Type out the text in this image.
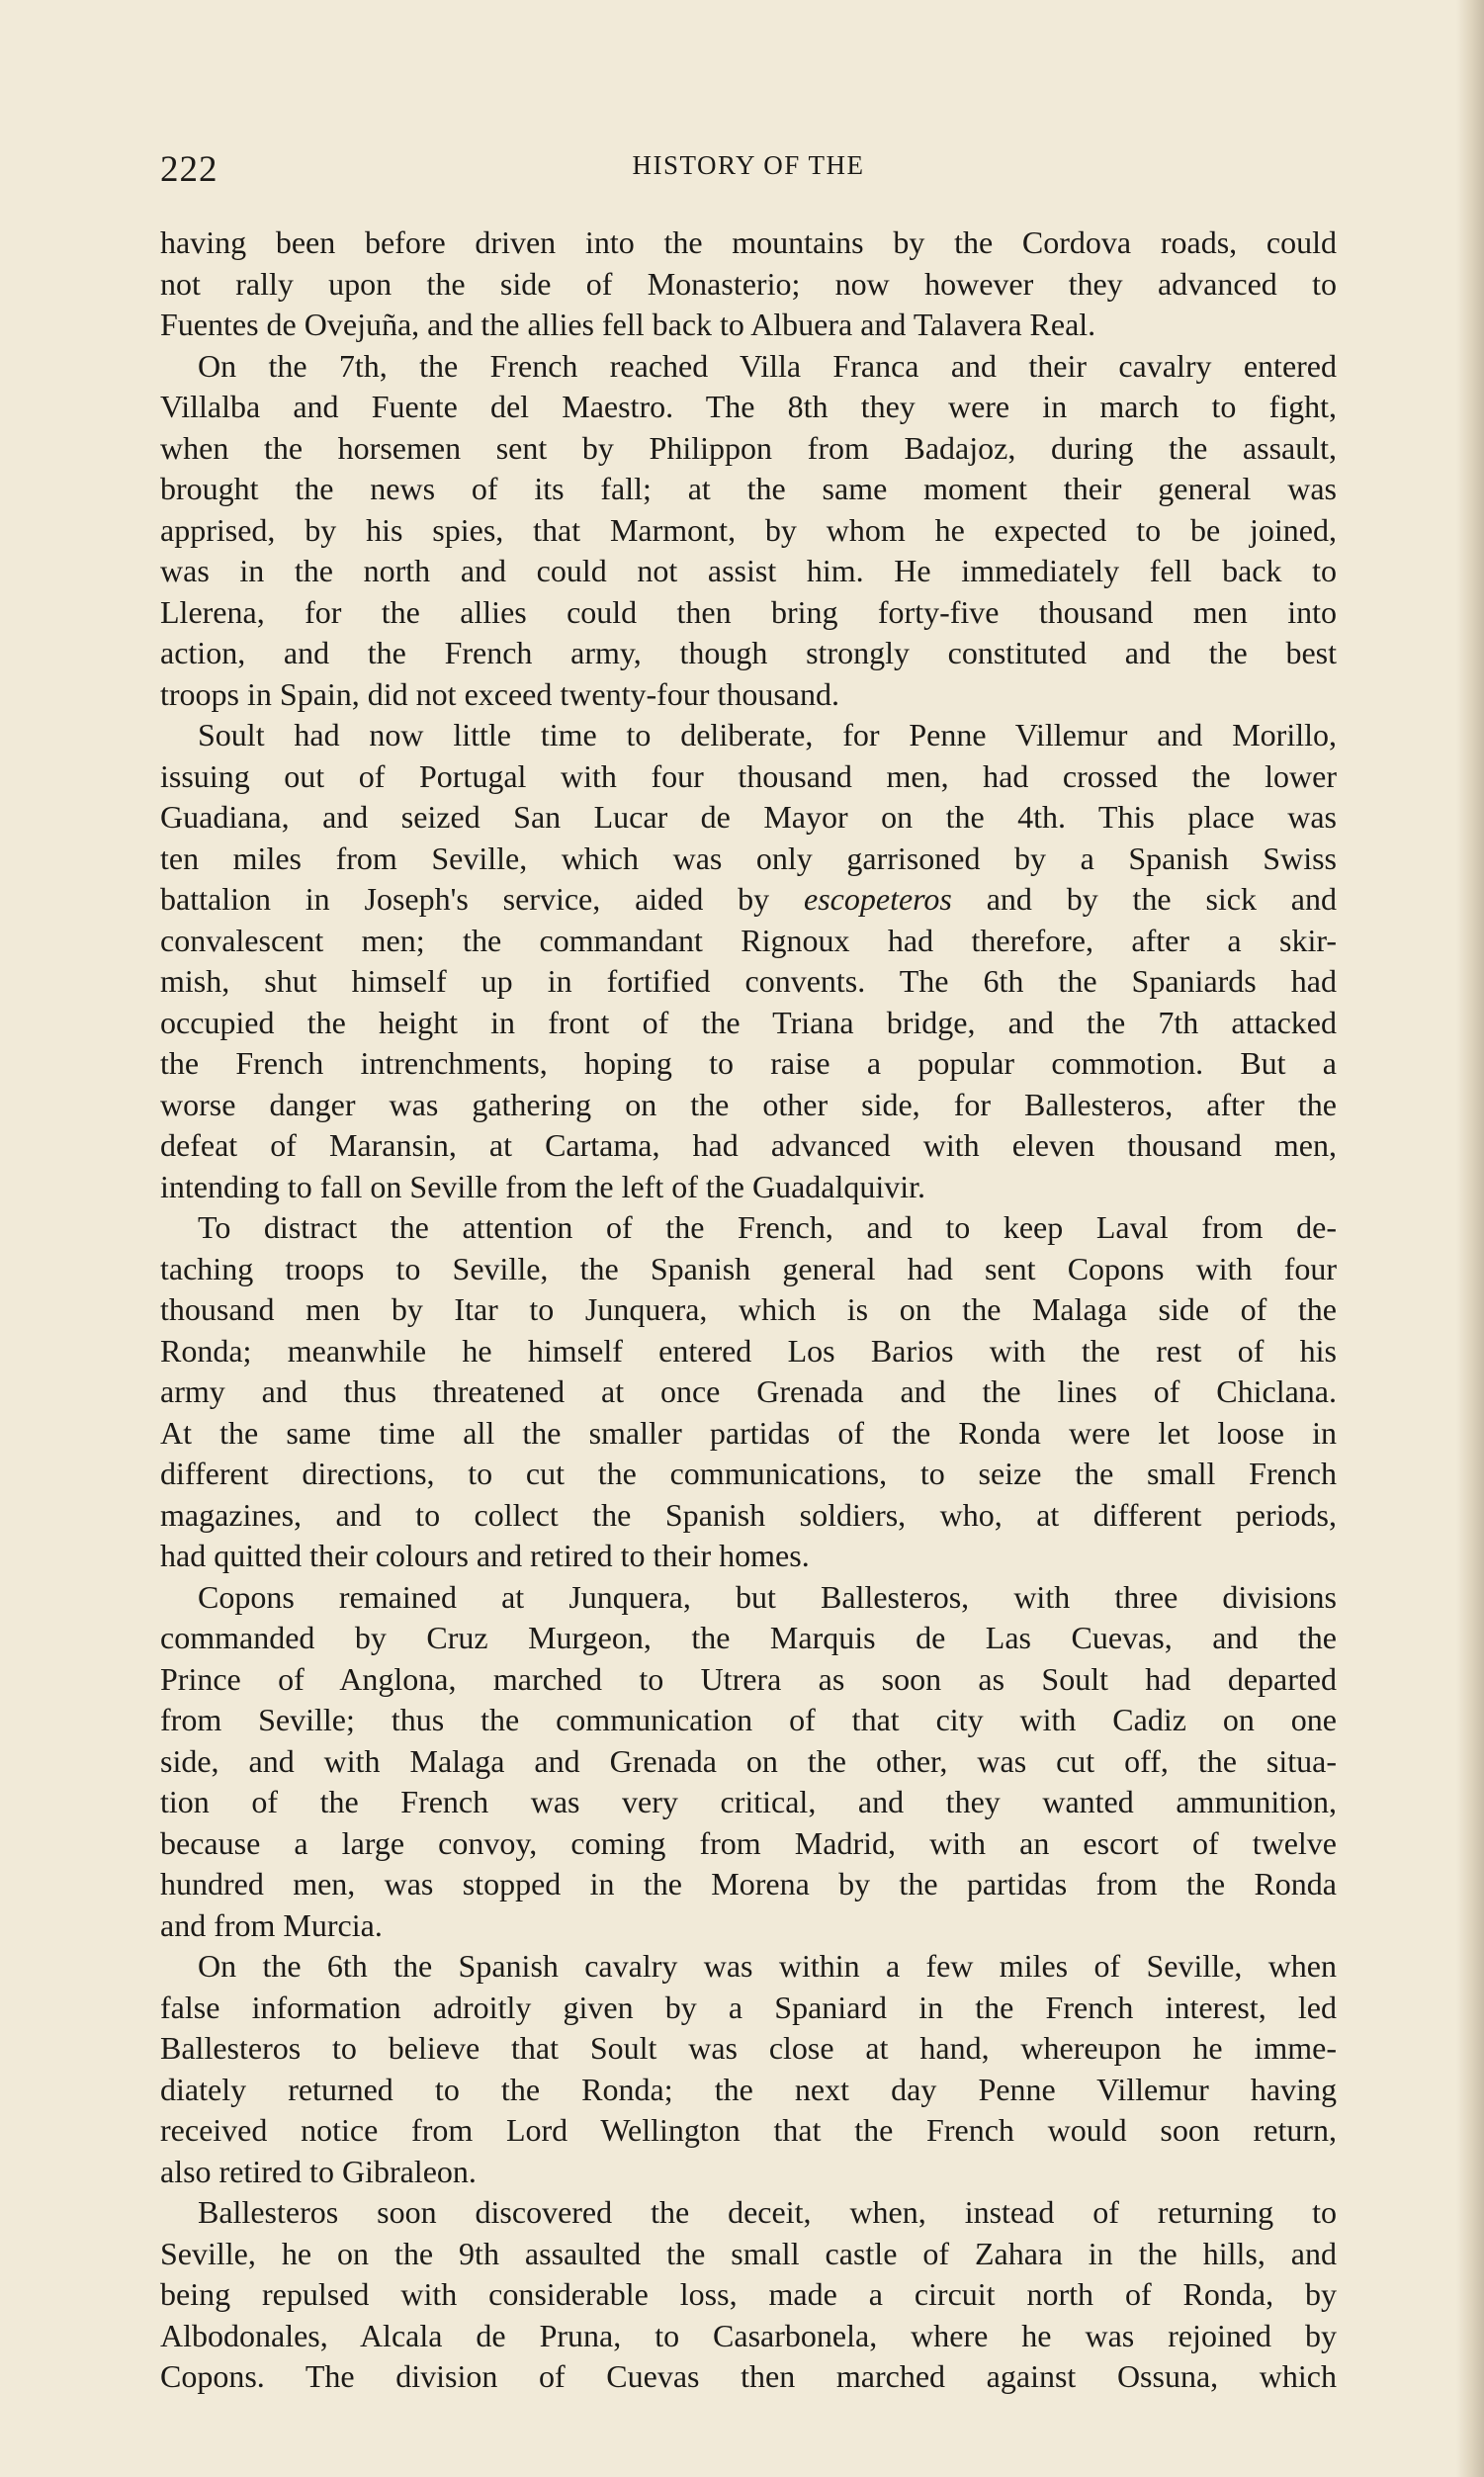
222	HISTORY OF THE
having been before driven into the mountains by the Cordova roads, could
not rally upon the side of Monasterio; now however they advanced to
Fuentes de Ovejuña, and the allies fell back to Albuera and Talavera Real.
On the 7th, the French reached Villa Franca and their cavalry entered
Villalba and Fuente del Maestro. The 8th they were in march to fight,
when the horsemen sent by Philippon from Badajoz, during the assault,
brought the news of its fall; at the same moment their general was
apprised, by his spies, that Marmont, by whom he expected to be joined,
was in the north and could not assist him. He immediately fell back to
Llerena, for the allies could then bring forty-five thousand men into
action, and the French army, though strongly constituted and the best
troops in Spain, did not exceed twenty-four thousand.
Soult had now little time to deliberate, for Penne Villemur and Morillo,
issuing out of Portugal with four thousand men, had crossed the lower
Guadiana, and seized San Lucar de Mayor on the 4th. This place was
ten miles from Seville, which was only garrisoned by a Spanish Swiss
battalion in Joseph's service, aided by escopeteros and by the sick and
convalescent men; the commandant Rignoux had therefore, after a skir-
mish, shut himself up in fortified convents. The 6th the Spaniards had
occupied the height in front of the Triana bridge, and the 7th attacked
the French intrenchments, hoping to raise a popular commotion. But a
worse danger was gathering on the other side, for Ballesteros, after the
defeat of Maransin, at Cartama, had advanced with eleven thousand men,
intending to fall on Seville from the left of the Guadalquivir.
To distract the attention of the French, and to keep Laval from de-
taching troops to Seville, the Spanish general had sent Copons with four
thousand men by Itar to Junquera, which is on the Malaga side of the
Ronda; meanwhile he himself entered Los Barios with the rest of his
army and thus threatened at once Grenada and the lines of Chiclana.
At the same time all the smaller partidas of the Ronda were let loose in
different directions, to cut the communications, to seize the small French
magazines, and to collect the Spanish soldiers, who, at different periods,
had quitted their colours and retired to their homes.
Copons remained at Junquera, but Ballesteros, with three divisions
commanded by Cruz Murgeon, the Marquis de Las Cuevas, and the
Prince of Anglona, marched to Utrera as soon as Soult had departed
from Seville; thus the communication of that city with Cadiz on one
side, and with Malaga and Grenada on the other, was cut off, the situa-
tion of the French was very critical, and they wanted ammunition,
because a large convoy, coming from Madrid, with an escort of twelve
hundred men, was stopped in the Morena by the partidas from the Ronda
and from Murcia.
On the 6th the Spanish cavalry was within a few miles of Seville, when
false information adroitly given by a Spaniard in the French interest, led
Ballesteros to believe that Soult was close at hand, whereupon he imme-
diately returned to the Ronda; the next day Penne Villemur having
received notice from Lord Wellington that the French would soon return,
also retired to Gibraleon.
Ballesteros soon discovered the deceit, when, instead of returning to
Seville, he on the 9th assaulted the small castle of Zahara in the hills, and
being repulsed with considerable loss, made a circuit north of Ronda, by
Albodonales, Alcala de Pruna, to Casarbonela, where he was rejoined by
Copons. The division of Cuevas then marched against Ossuna, which
